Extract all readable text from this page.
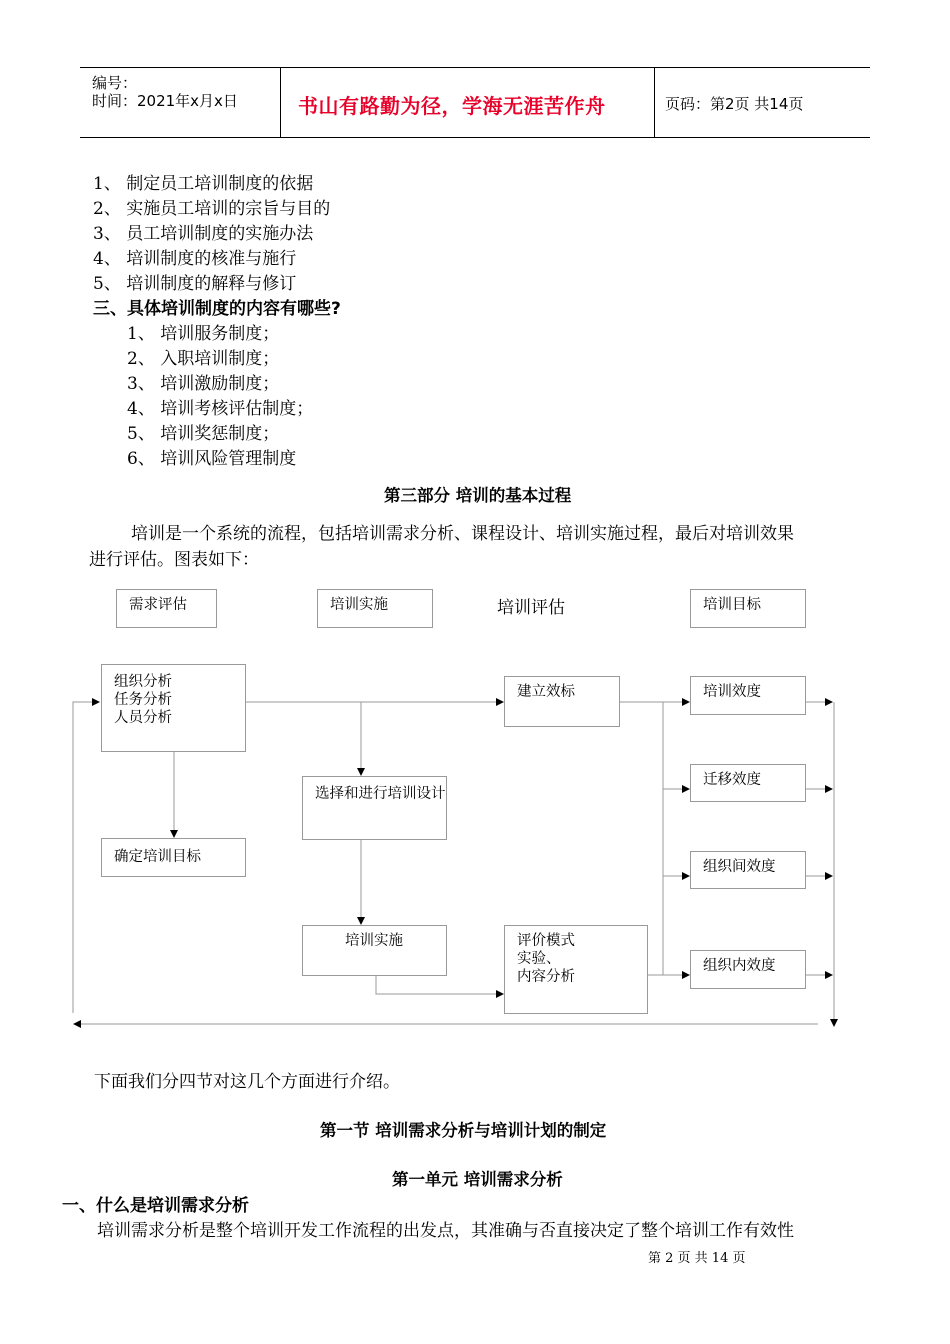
编号：
时间：2021年x月x日	书山有路勤为径，学海无涯苦作舟	页码：第2页 共14页
1、 制定员工培训制度的依据
2、 实施员工培训的宗旨与目的
3、 员工培训制度的实施办法
4、 培训制度的核准与施行
5、 培训制度的解释与修订
三、具体培训制度的内容有哪些?
1、 培训服务制度；
2、 入职培训制度；
3、 培训激励制度；
4、 培训考核评估制度；
5、 培训奖惩制度；
6、 培训风险管理制度
第三部分 培训的基本过程
培训是一个系统的流程，包括培训需求分析、课程设计、培训实施过程，最后对培训效果
进行评估。图表如下：
需求评估	培训实施	培训评估	培训目标
组织分析
任务分析
人员分析
确定培训目标
选择和进行培训设计
培训实施
建立效标
评价模式
实验、
内容分析
培训效度
迁移效度
组织间效度
组织内效度
下面我们分四节对这几个方面进行介绍。
第一节 培训需求分析与培训计划的制定
第一单元 培训需求分析
一、什么是培训需求分析
培训需求分析是整个培训开发工作流程的出发点，其准确与否直接决定了整个培训工作有效性
第 2 页 共 14 页
